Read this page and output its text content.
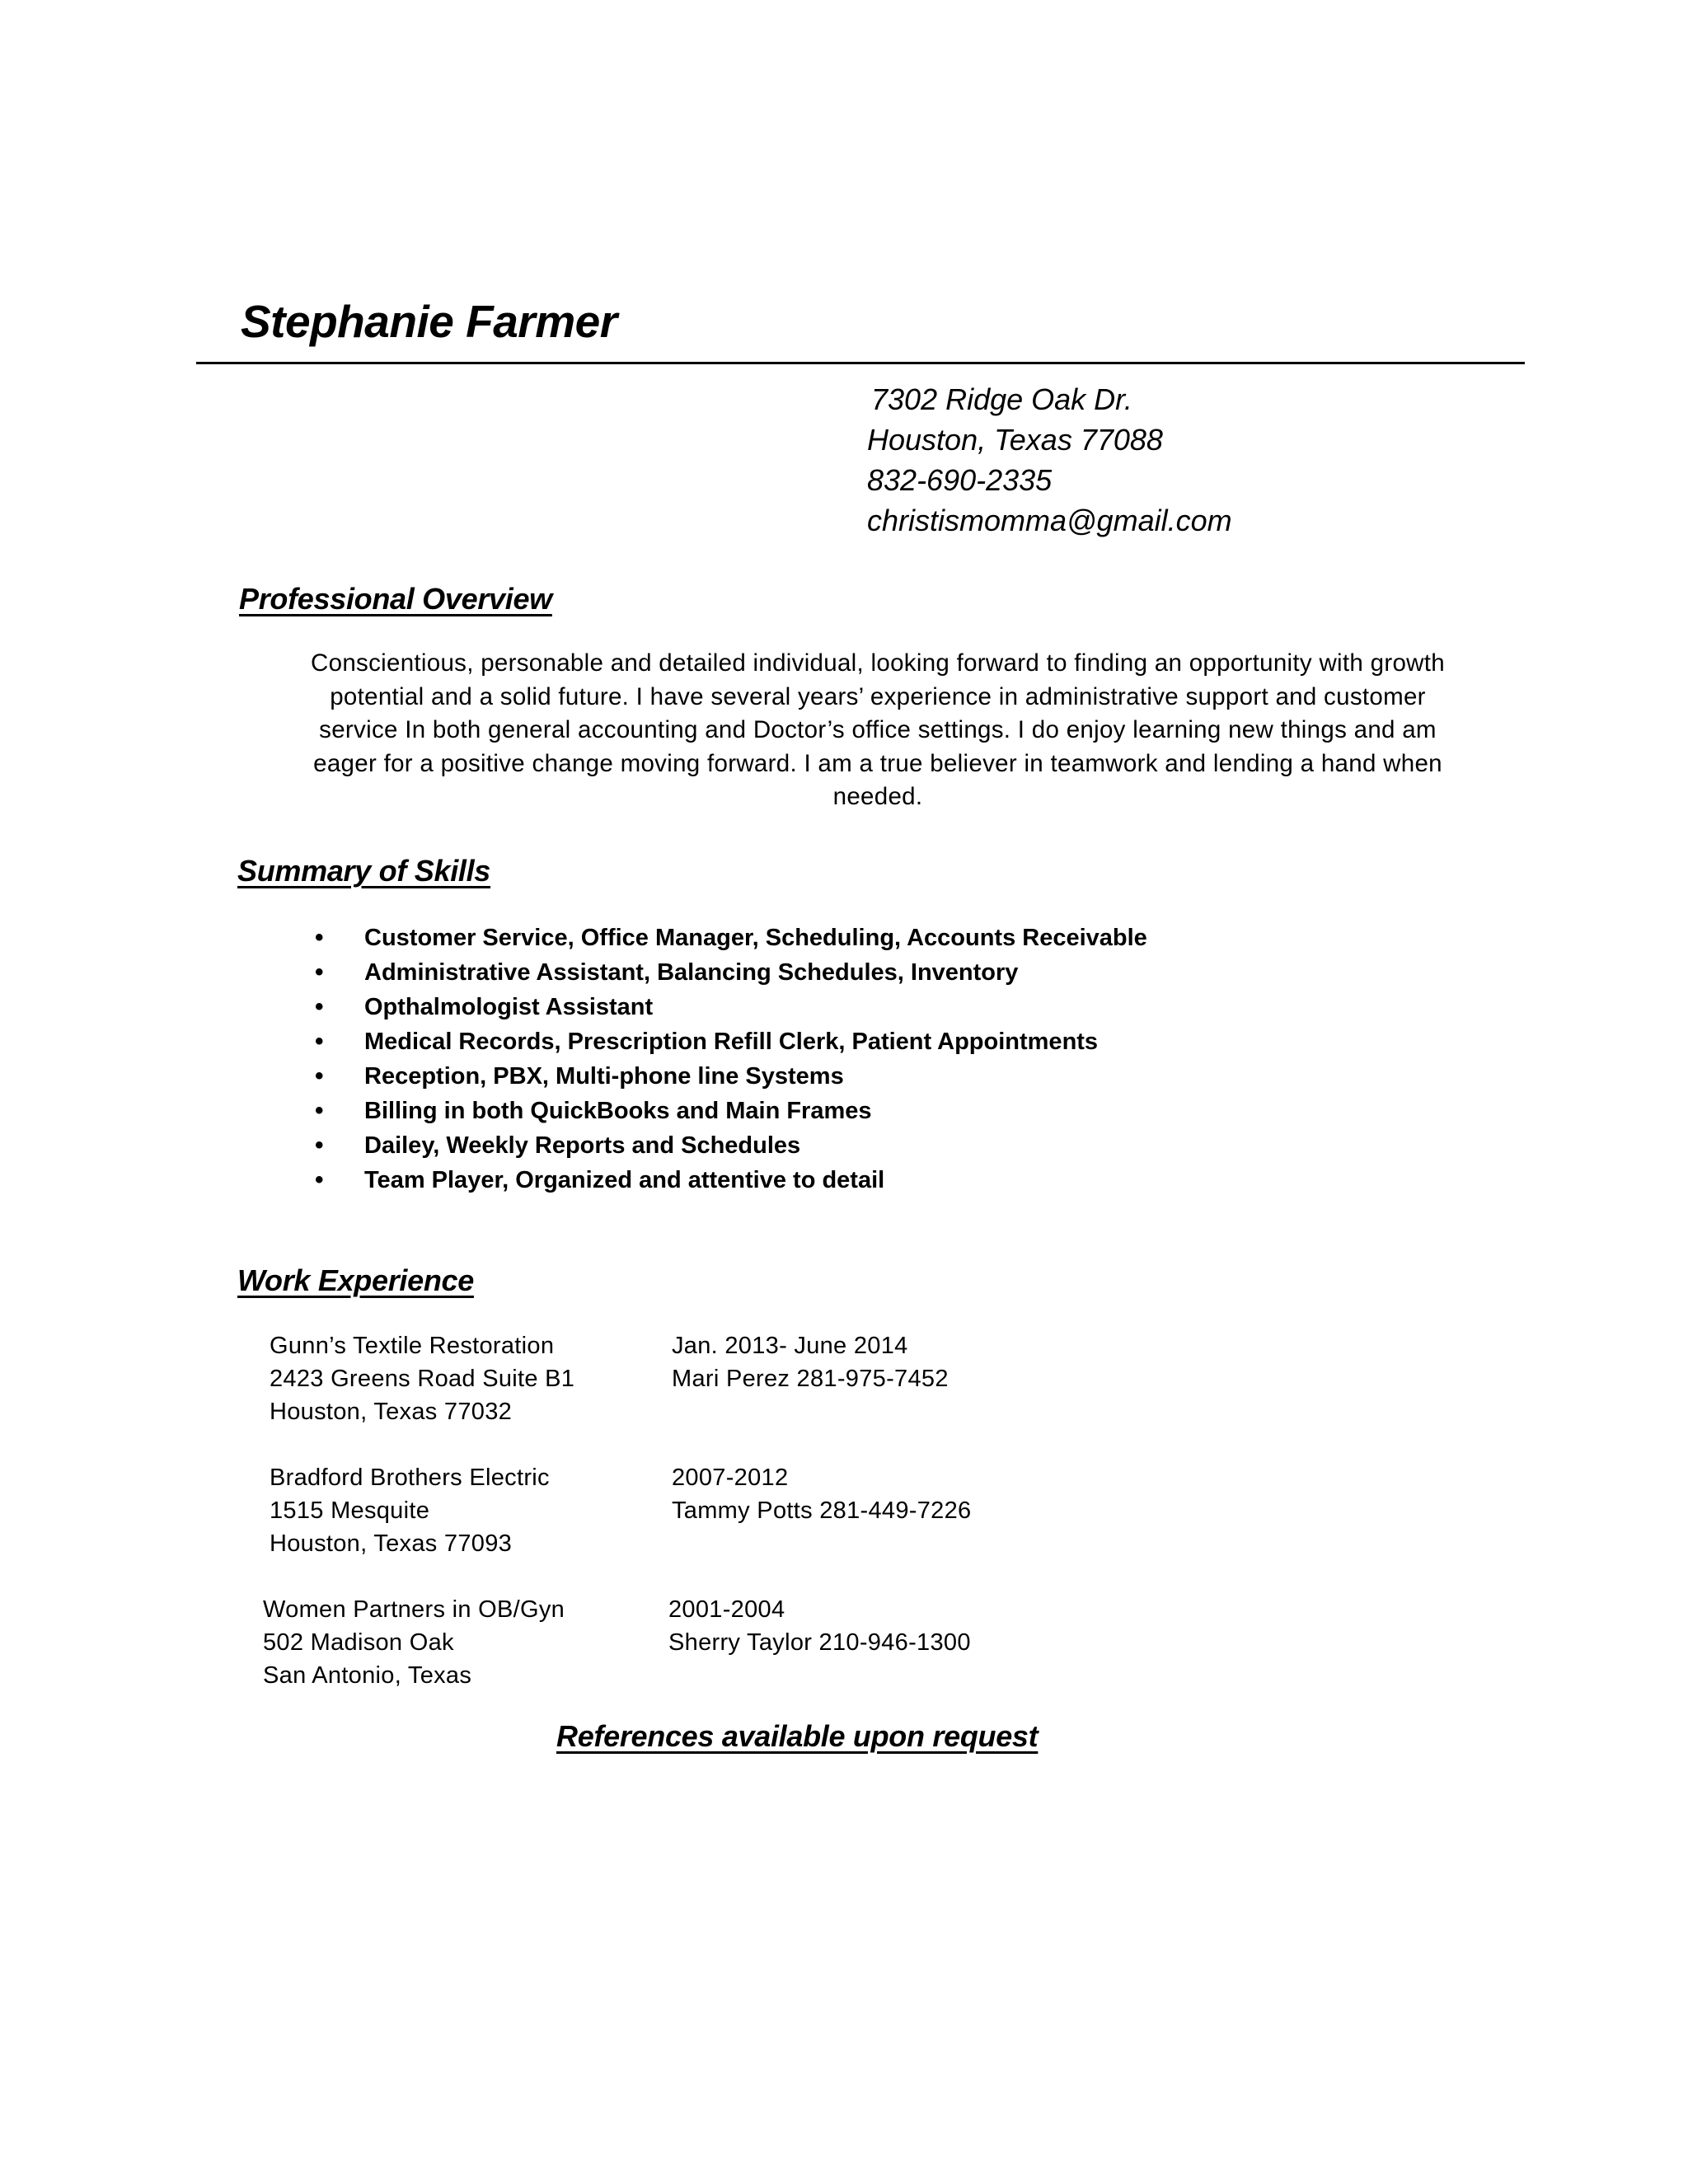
Stephanie Farmer
7302 Ridge Oak Dr.
Houston, Texas 77088
832-690-2335
christismomma@gmail.com
Professional Overview
Conscientious, personable and detailed individual, looking forward to finding an opportunity with growth
potential and a solid future. I have several years’ experience in administrative support and customer
service In both general accounting and Doctor’s office settings. I do enjoy learning new things and am
eager for a positive change moving forward. I am a true believer in teamwork and lending a hand when
needed.
Summary of Skills
• Customer Service, Office Manager, Scheduling, Accounts Receivable
• Administrative Assistant, Balancing Schedules, Inventory
• Opthalmologist Assistant
• Medical Records, Prescription Refill Clerk, Patient Appointments
• Reception, PBX, Multi-phone line Systems
• Billing in both QuickBooks and Main Frames
• Dailey, Weekly Reports and Schedules
• Team Player, Organized and attentive to detail
Work Experience
Gunn’s Textile Restoration
2423 Greens Road Suite B1
Houston, Texas 77032
Jan. 2013- June 2014
Mari Perez 281-975-7452
Bradford Brothers Electric
1515 Mesquite
Houston, Texas 77093
2007-2012
Tammy Potts 281-449-7226
Women Partners in OB/Gyn
502 Madison Oak
San Antonio, Texas
2001-2004
Sherry Taylor 210-946-1300
References available upon request
